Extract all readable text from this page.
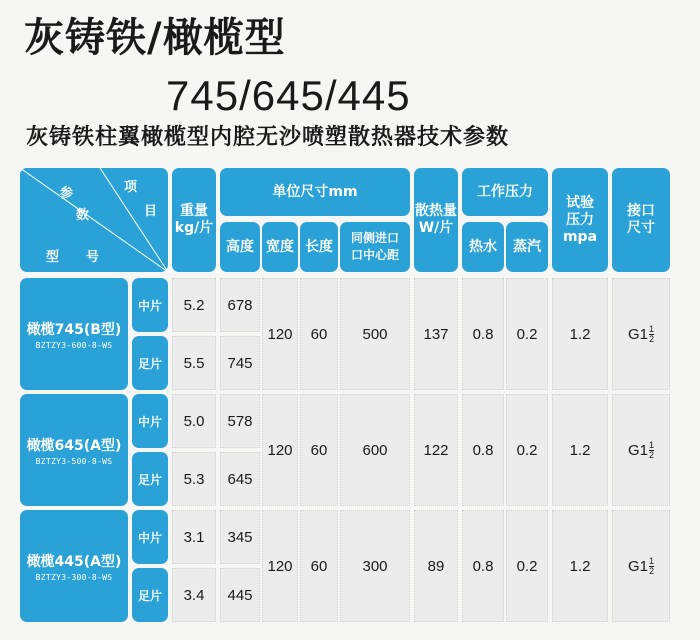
灰铸铁/橄榄型
745/645/445
灰铸铁柱翼橄榄型内腔无沙喷塑散热器技术参数
参
数
项
目
型 号
重量
kg/片
单位尺寸mm
高度 宽度 长度
同侧进口
口中心距
散热量
W/片
工作压力
热水	蒸汽
试验
压力
mpa
接口
尺寸
橄榄745(B型)
BZTZY3-600-8-WS
中片	5.2	678
足片	5.5	745
120	60	500	137	0.8	0.2	1.2	$G1 \frac{1}{2}$
橄榄645(A型)
BZTZY3-500-8-WS
中片	5.0	578
足片	5.3	645
120	60	600	122	0.8	0.2	1.2	$G1 \frac{1}{2}$
橄榄445(A型)
BZTZY3-300-8-WS
中片	3.1	345
足片	3.4	445
120	60	300	89	0.8	0.2	1.2	$G1 \frac{1}{2}$
